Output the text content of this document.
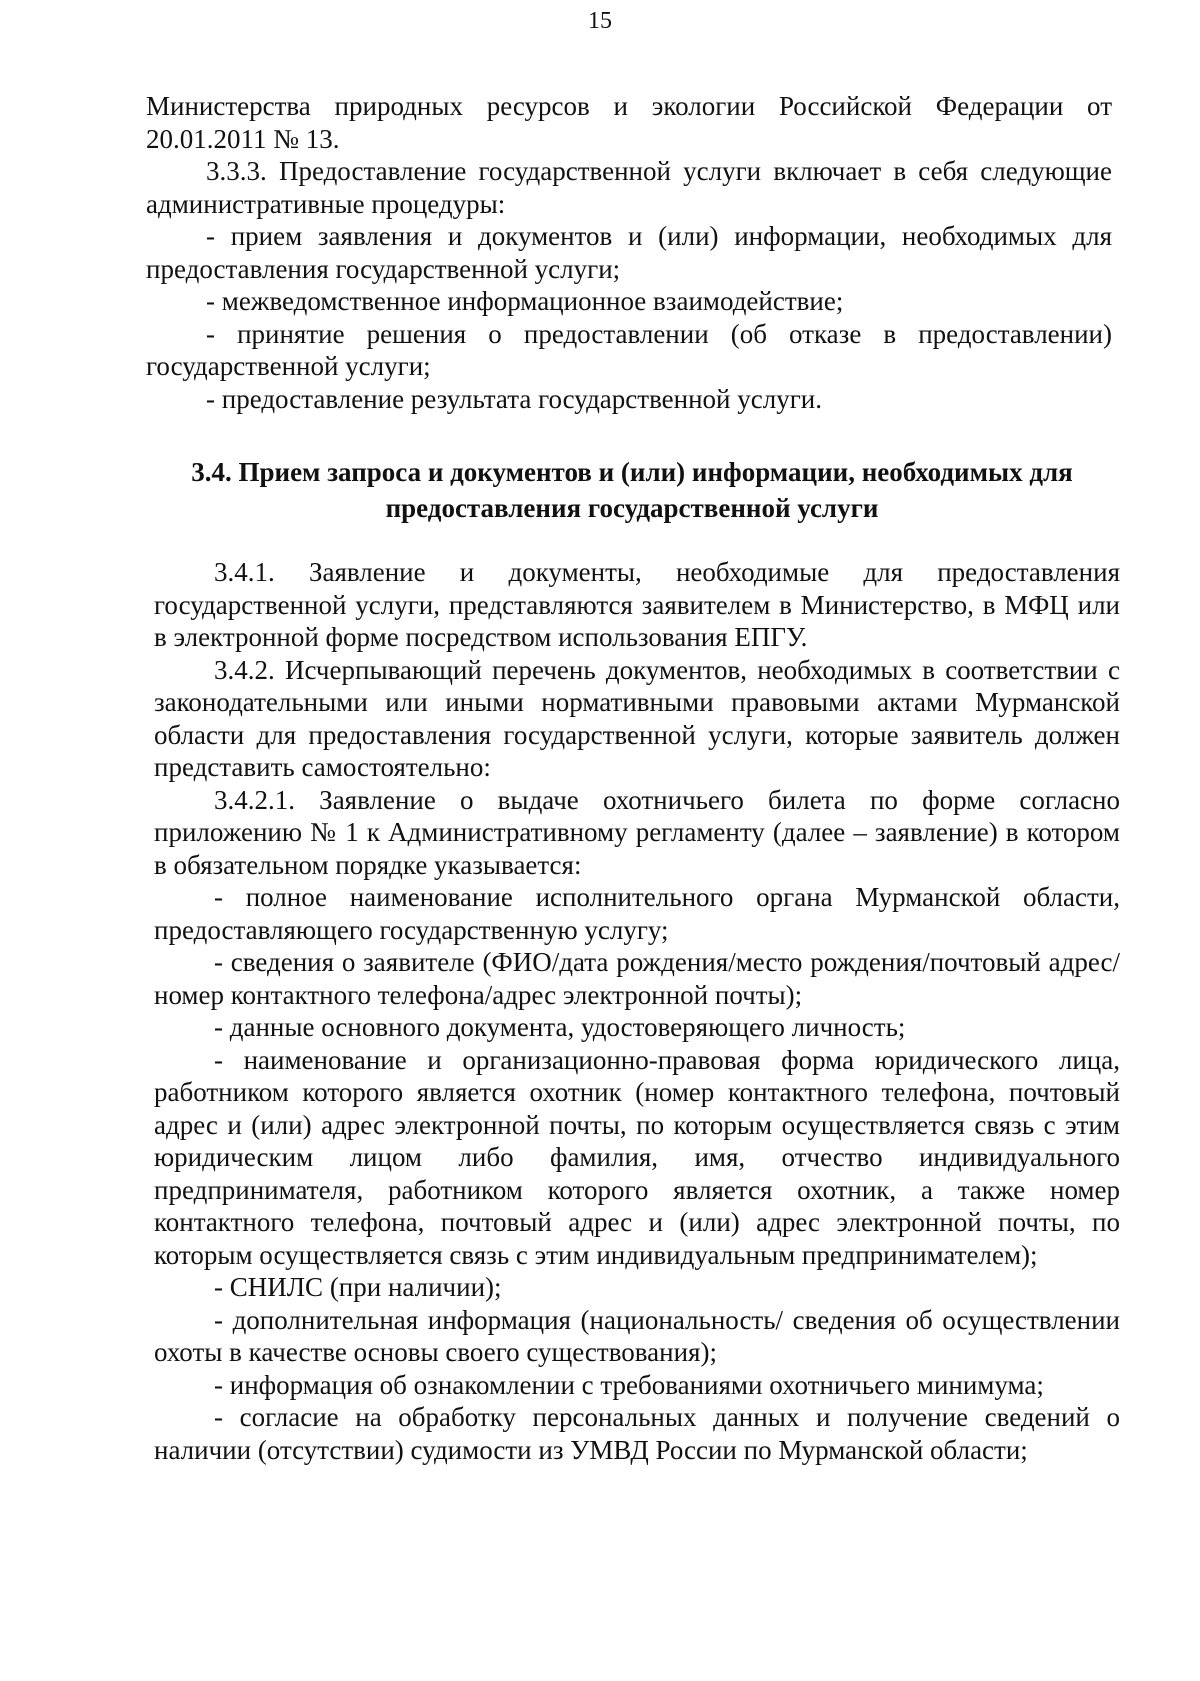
15

Министерства природных ресурсов и экологии Российской Федерации от 20.01.2011 № 13.

3.3.3. Предоставление государственной услуги включает в себя следующие административные процедуры:

- прием заявления и документов и (или) информации, необходимых для предоставления государственной услуги;

- межведомственное информационное взаимодействие;

- принятие решения о предоставлении (об отказе в предоставлении) государственной услуги;

- предоставление результата государственной услуги.

3.4. Прием запроса и документов и (или) информации, необходимых для

предоставления государственной услуги

3.4.1. Заявление и документы, необходимые для предоставления государственной услуги, представляются заявителем в Министерство, в МФЦ или в электронной форме посредством использования ЕПГУ.

3.4.2. Исчерпывающий перечень документов, необходимых в соответствии с законодательными или иными нормативными правовыми актами Мурманской области для предоставления государственной услуги, которые заявитель должен представить самостоятельно:

3.4.2.1. Заявление о выдаче охотничьего билета по форме согласно приложению № 1 к Административному регламенту (далее – заявление) в котором в обязательном порядке указывается:

- полное наименование исполнительного органа Мурманской области, предоставляющего государственную услугу;

- сведения о заявителе (ФИО/дата рождения/место рождения/почтовый адрес/номер контактного телефона/адрес электронной почты);

- данные основного документа, удостоверяющего личность;

- наименование и организационно-правовая форма юридического лица, работником которого является охотник (номер контактного телефона, почтовый адрес и (или) адрес электронной почты, по которым осуществляется связь с этим юридическим лицом либо фамилия, имя, отчество индивидуального предпринимателя, работником которого является охотник, а также номер контактного телефона, почтовый адрес и (или) адрес электронной почты, по которым осуществляется связь с этим индивидуальным предпринимателем);

- СНИЛС (при наличии);

- дополнительная информация (национальность/ сведения об осуществлении охоты в качестве основы своего существования);

- информация об ознакомлении с требованиями охотничьего минимума;

- согласие на обработку персональных данных и получение сведений о наличии (отсутствии) судимости из УМВД России по Мурманской области;
